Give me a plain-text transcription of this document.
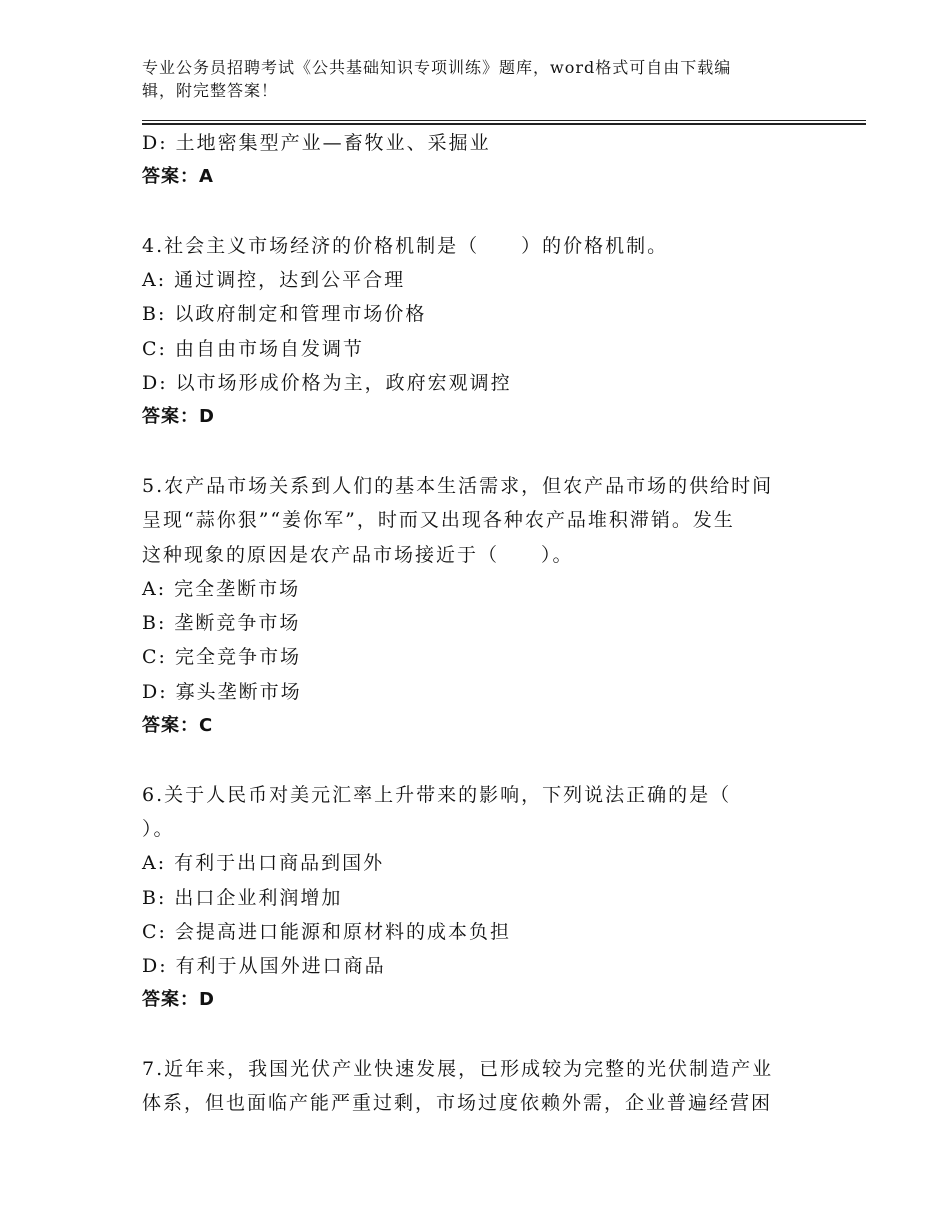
专业公务员招聘考试《公共基础知识专项训练》题库，word格式可自由下载编
辑，附完整答案！
D: 土地密集型产业—畜牧业、采掘业
答案：A
4.社会主义市场经济的价格机制是（　　）的价格机制。
A: 通过调控，达到公平合理
B: 以政府制定和管理市场价格
C: 由自由市场自发调节
D: 以市场形成价格为主，政府宏观调控
答案：D
5.农产品市场关系到人们的基本生活需求，但农产品市场的供给时间
呈现“蒜你狠”“姜你军”，时而又出现各种农产品堆积滞销。发生
这种现象的原因是农产品市场接近于（　　）。
A: 完全垄断市场
B: 垄断竞争市场
C: 完全竞争市场
D: 寡头垄断市场
答案：C
6.关于人民币对美元汇率上升带来的影响，下列说法正确的是（
）。
A: 有利于出口商品到国外
B: 出口企业利润增加
C: 会提高进口能源和原材料的成本负担
D: 有利于从国外进口商品
答案：D
7.近年来，我国光伏产业快速发展，已形成较为完整的光伏制造产业
体系，但也面临产能严重过剩，市场过度依赖外需，企业普遍经营困
